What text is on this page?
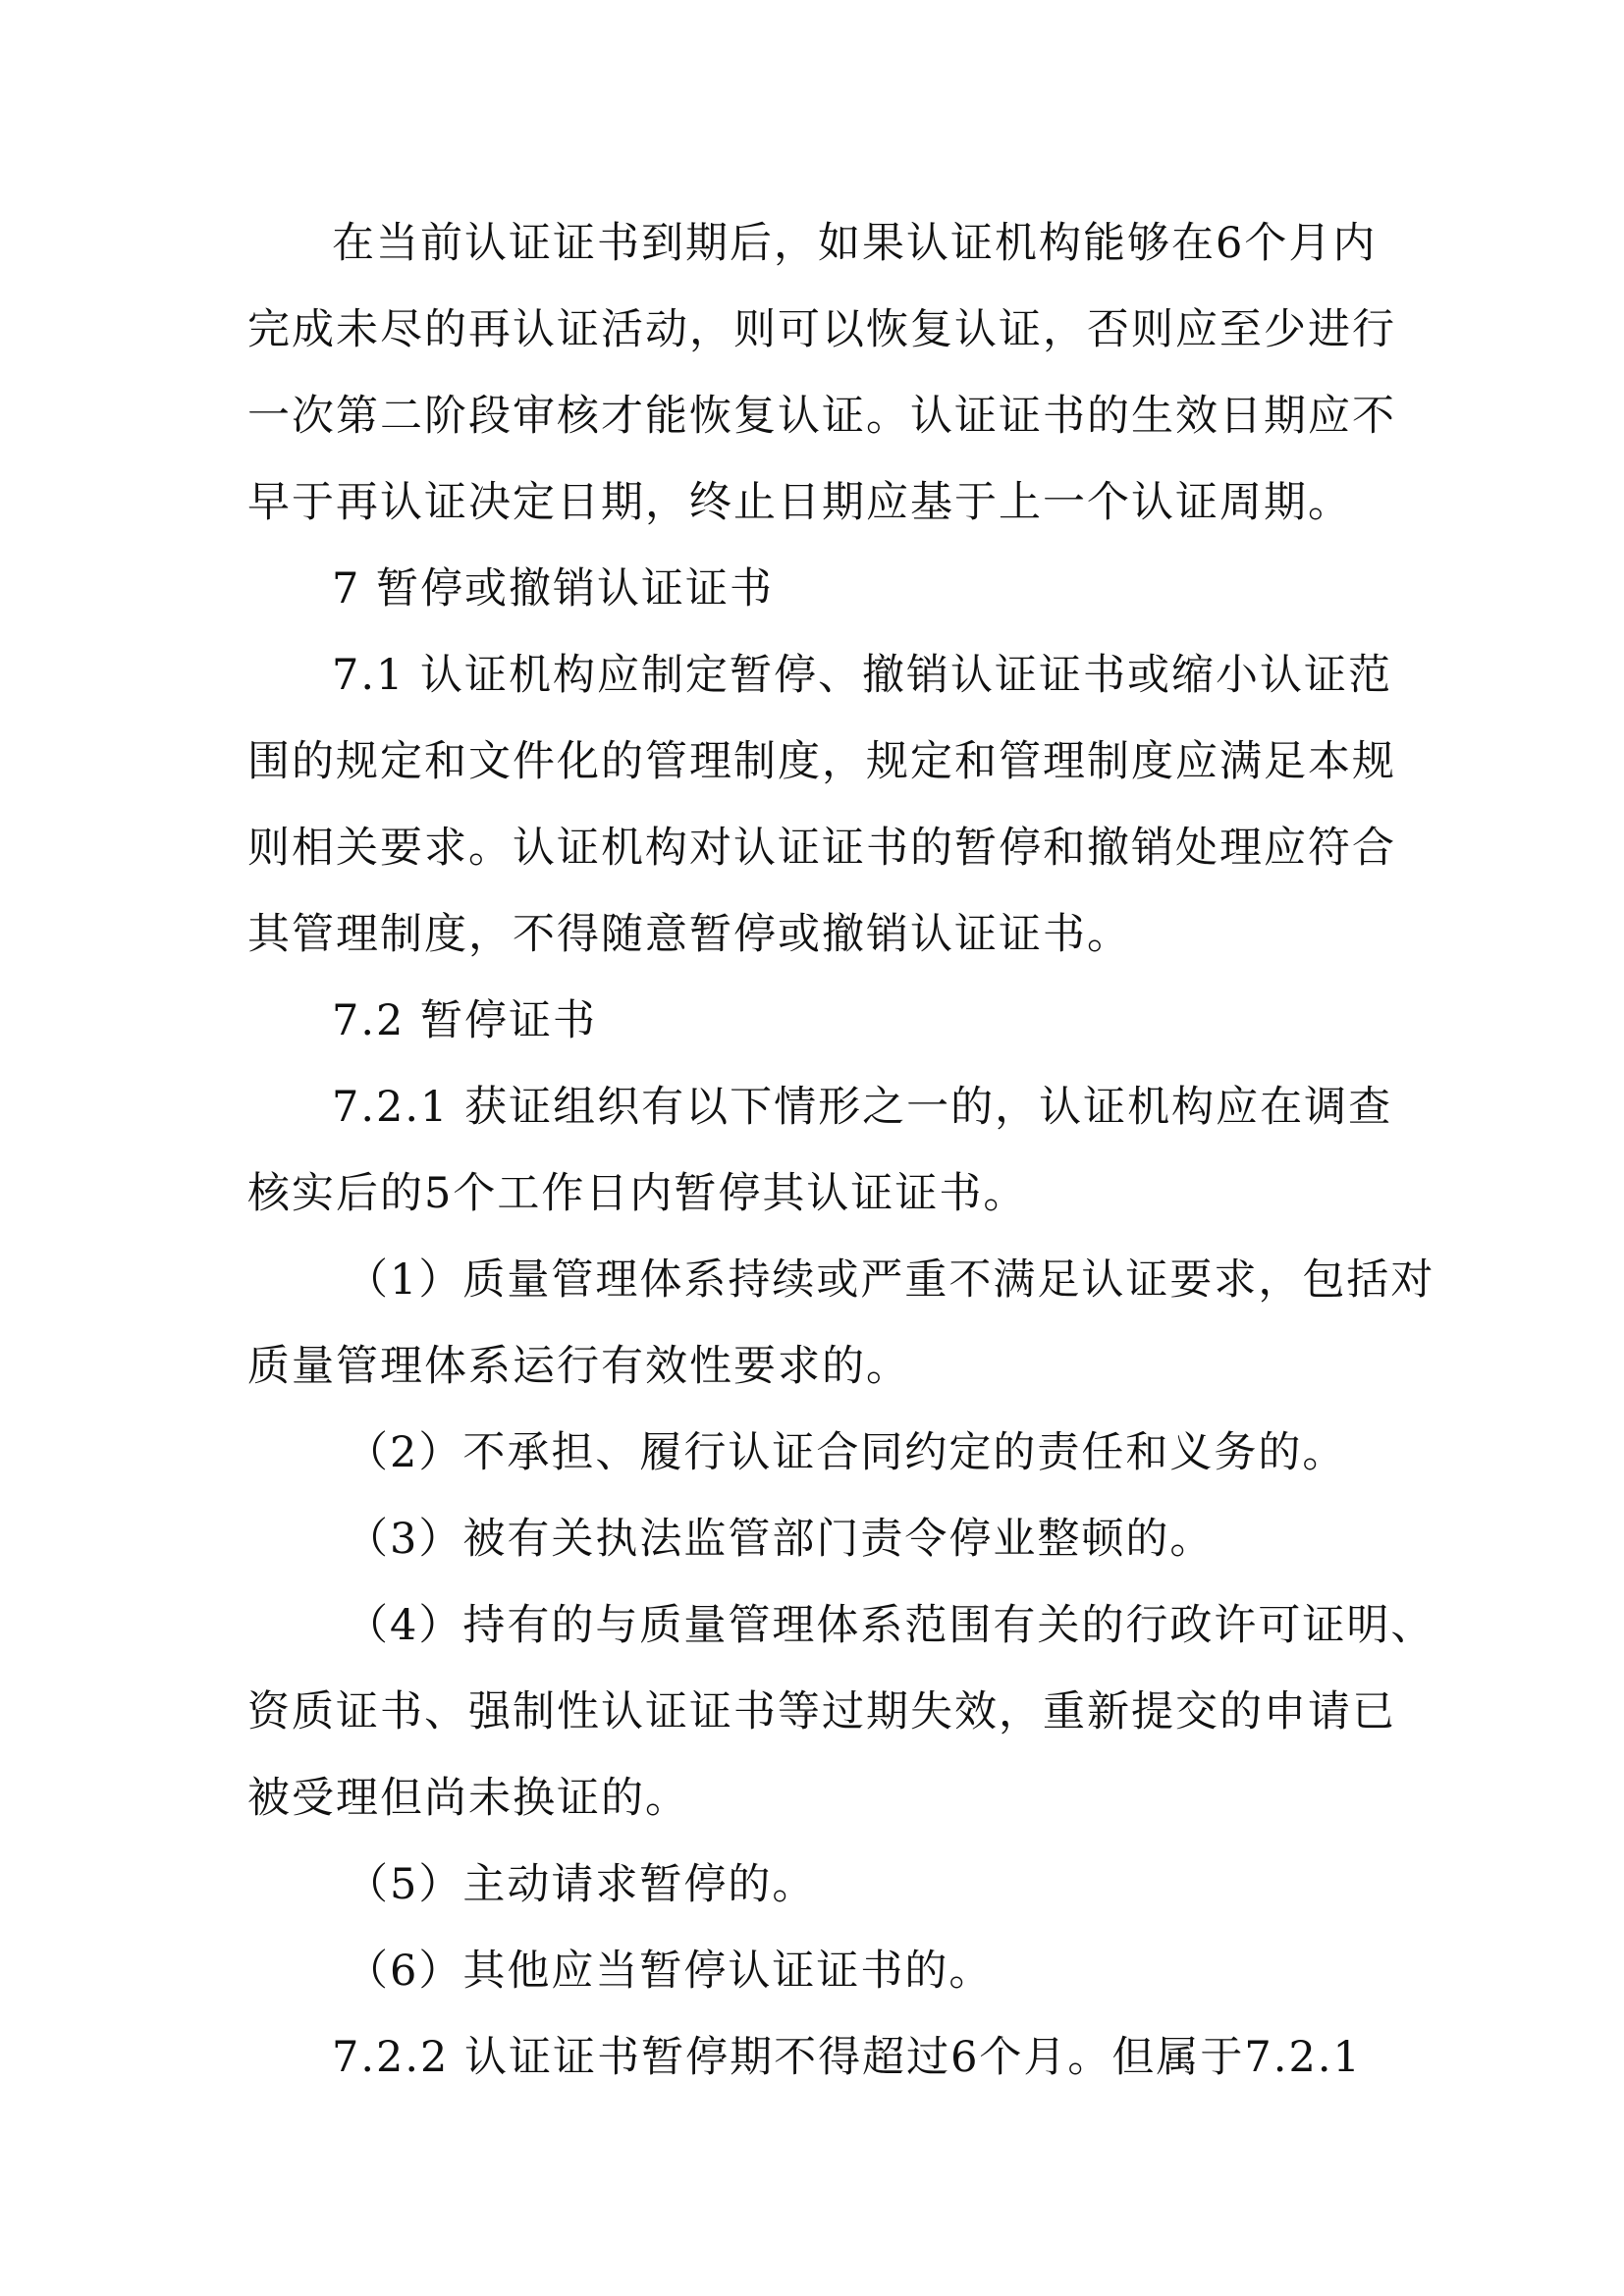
在当前认证证书到期后，如果认证机构能够在6个月内
完成未尽的再认证活动，则可以恢复认证，否则应至少进行
一次第二阶段审核才能恢复认证。认证证书的生效日期应不
早于再认证决定日期，终止日期应基于上一个认证周期。
7 暂停或撤销认证证书
7.1 认证机构应制定暂停、撤销认证证书或缩小认证范
围的规定和文件化的管理制度，规定和管理制度应满足本规
则相关要求。认证机构对认证证书的暂停和撤销处理应符合
其管理制度，不得随意暂停或撤销认证证书。
7.2 暂停证书
7.2.1 获证组织有以下情形之一的，认证机构应在调查
核实后的5个工作日内暂停其认证证书。
（1）质量管理体系持续或严重不满足认证要求，包括对
质量管理体系运行有效性要求的。
（2）不承担、履行认证合同约定的责任和义务的。
（3）被有关执法监管部门责令停业整顿的。
（4）持有的与质量管理体系范围有关的行政许可证明、
资质证书、强制性认证证书等过期失效，重新提交的申请已
被受理但尚未换证的。
（5）主动请求暂停的。
（6）其他应当暂停认证证书的。
7.2.2 认证证书暂停期不得超过6个月。但属于7.2.1
